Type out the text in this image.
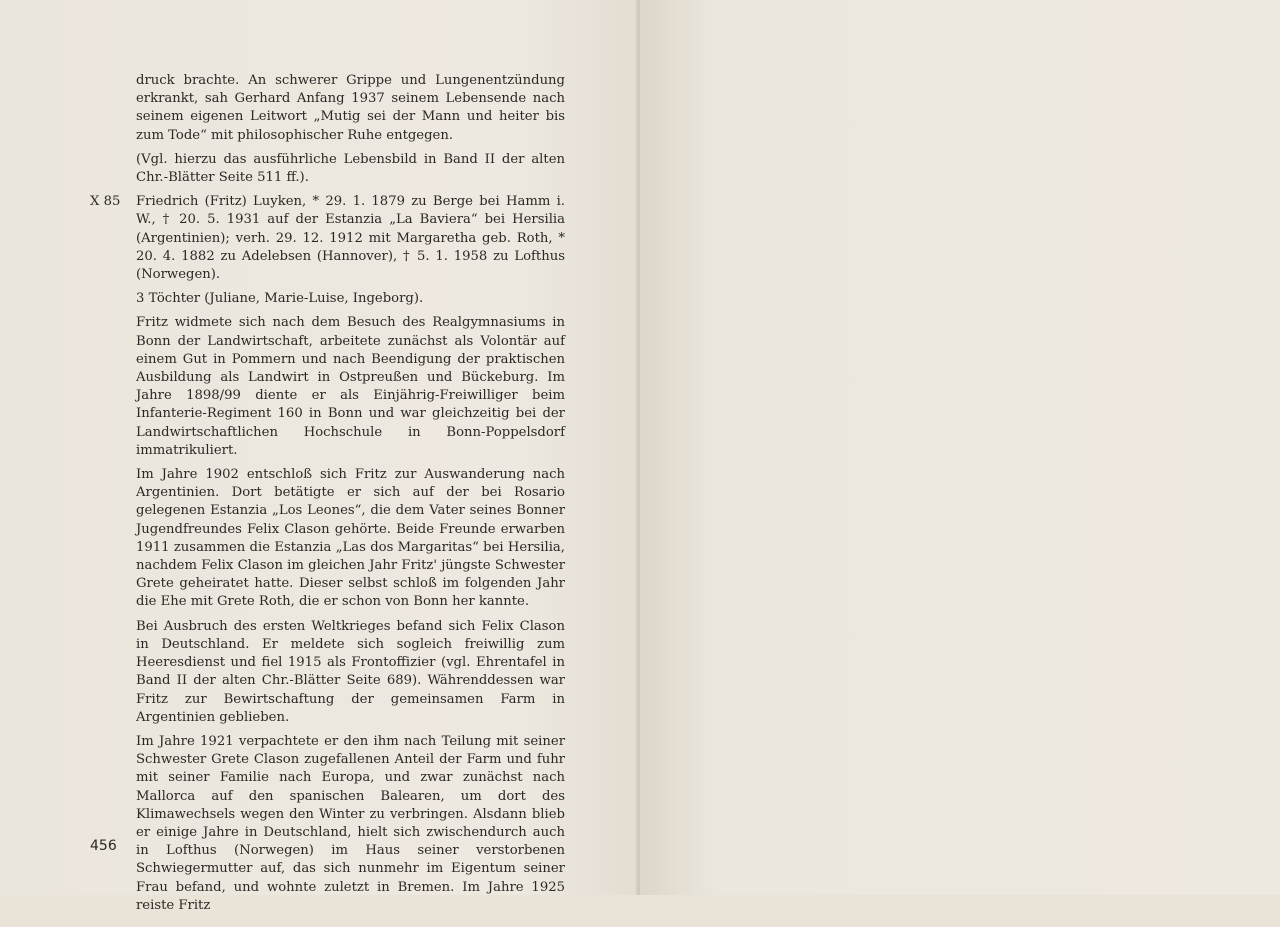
druck brachte. An schwerer Grippe und Lungenentzündung erkrankt, sah Gerhard Anfang 1937 seinem Lebensende nach seinem eigenen Leitwort „Mutig sei der Mann und heiter bis zum Tode“ mit philosophischer Ruhe entgegen.

(Vgl. hierzu das ausführliche Lebensbild in Band II der alten Chr.-Blätter Seite 511 ff.).

X 85 Friedrich (Fritz) Luyken, * 29. 1. 1879 zu Berge bei Hamm i. W., † 20. 5. 1931 auf der Estanzia „La Baviera“ bei Hersilia (Argentinien); verh. 29. 12. 1912 mit Margaretha geb. Roth, * 20. 4. 1882 zu Adelebsen (Hannover), † 5. 1. 1958 zu Lofthus (Norwegen).

3 Töchter (Juliane, Marie-Luise, Ingeborg).

Fritz widmete sich nach dem Besuch des Realgymnasiums in Bonn der Landwirtschaft, arbeitete zunächst als Volontär auf einem Gut in Pommern und nach Beendigung der praktischen Ausbildung als Landwirt in Ostpreußen und Bückeburg. Im Jahre 1898/99 diente er als Einjährig-Freiwilliger beim Infanterie-Regiment 160 in Bonn und war gleichzeitig bei der Landwirtschaftlichen Hochschule in Bonn-Poppelsdorf immatrikuliert.

Im Jahre 1902 entschloß sich Fritz zur Auswanderung nach Argentinien. Dort betätigte er sich auf der bei Rosario gelegenen Estanzia „Los Leones“, die dem Vater seines Bonner Jugendfreundes Felix Clason gehörte. Beide Freunde erwarben 1911 zusammen die Estanzia „Las dos Margaritas“ bei Hersilia, nachdem Felix Clason im gleichen Jahr Fritz' jüngste Schwester Grete geheiratet hatte. Dieser selbst schloß im folgenden Jahr die Ehe mit Grete Roth, die er schon von Bonn her kannte.

Bei Ausbruch des ersten Weltkrieges befand sich Felix Clason in Deutschland. Er meldete sich sogleich freiwillig zum Heeresdienst und fiel 1915 als Frontoffizier (vgl. Ehrentafel in Band II der alten Chr.-Blätter Seite 689). Währenddessen war Fritz zur Bewirtschaftung der gemeinsamen Farm in Argentinien geblieben.

Im Jahre 1921 verpachtete er den ihm nach Teilung mit seiner Schwester Grete Clason zugefallenen Anteil der Farm und fuhr mit seiner Familie nach Europa, und zwar zunächst nach Mallorca auf den spanischen Balearen, um dort des Klimawechsels wegen den Winter zu verbringen. Alsdann blieb er einige Jahre in Deutschland, hielt sich zwischendurch auch in Lofthus (Norwegen) im Haus seiner verstorbenen Schwiegermutter auf, das sich nunmehr im Eigentum seiner Frau befand, und wohnte zuletzt in Bremen. Im Jahre 1925 reiste Fritz

456
